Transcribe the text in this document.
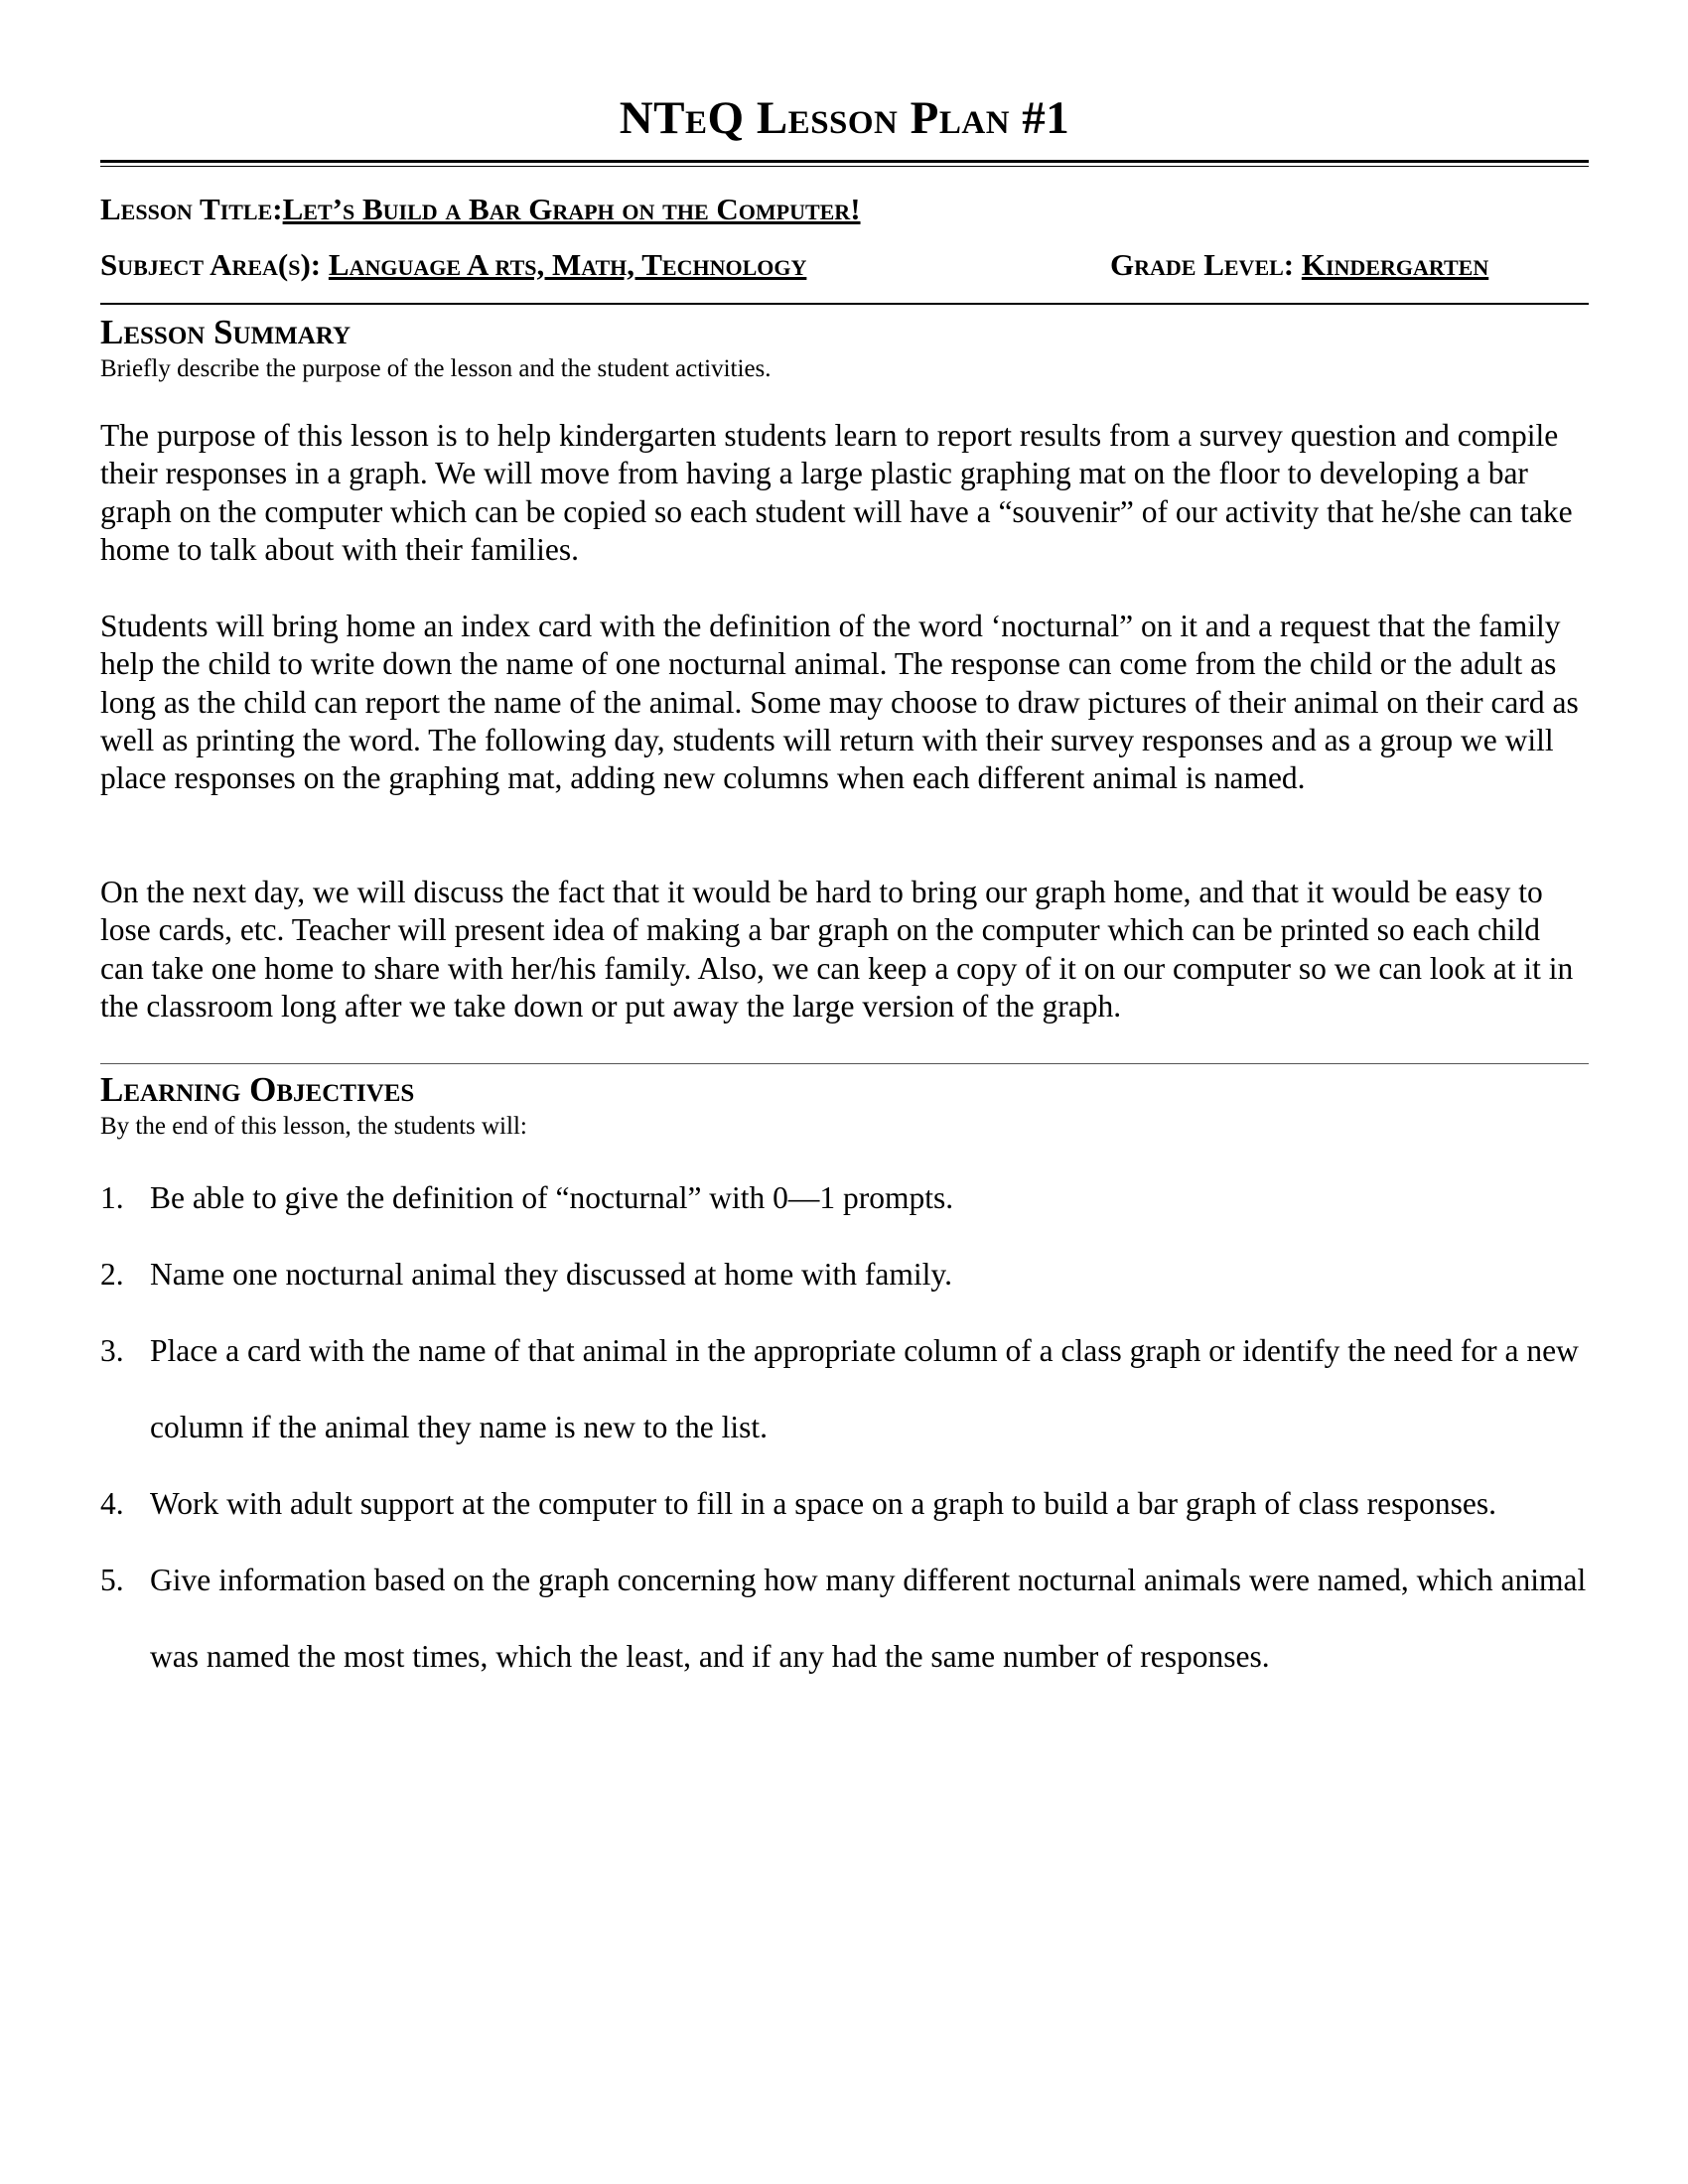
NTeQ Lesson Plan #1
Lesson Title:Let’s Build a Bar Graph on the Computer!
Subject Area(s): Language A rts, Math, Technology	Grade Level: Kindergarten
Lesson Summary
Briefly describe the purpose of the lesson and the student activities.

The purpose of this lesson is to help kindergarten students learn to report results from a survey question and compile their responses in a graph. We will move from having a large plastic graphing mat on the floor to developing a bar graph on the computer which can be copied so each student will have a “souvenir” of our activity that he/she can take home to talk about with their families.

Students will bring home an index card with the definition of the word ‘nocturnal” on it and a request that the family help the child to write down the name of one nocturnal animal. The response can come from the child or the adult as long as the child can report the name of the animal. Some may choose to draw pictures of their animal on their card as well as printing the word. The following day, students will return with their survey responses and as a group we will place responses on the graphing mat, adding new columns when each different animal is named.

On the next day, we will discuss the fact that it would be hard to bring our graph home, and that it would be easy to lose cards, etc. Teacher will present idea of making a bar graph on the computer which can be printed so each child can take one home to share with her/his family. Also, we can keep a copy of it on our computer so we can look at it in the classroom long after we take down or put away the large version of the graph.

Learning Objectives
By the end of this lesson, the students will:
1. Be able to give the definition of “nocturnal” with 0—1 prompts.
2. Name one nocturnal animal they discussed at home with family.
3. Place a card with the name of that animal in the appropriate column of a class graph or identify the need for a new column if the animal they name is new to the list.
4. Work with adult support at the computer to fill in a space on a graph to build a bar graph of class responses.
5. Give information based on the graph concerning how many different nocturnal animals were named, which animal was named the most times, which the least, and if any had the same number of responses.
